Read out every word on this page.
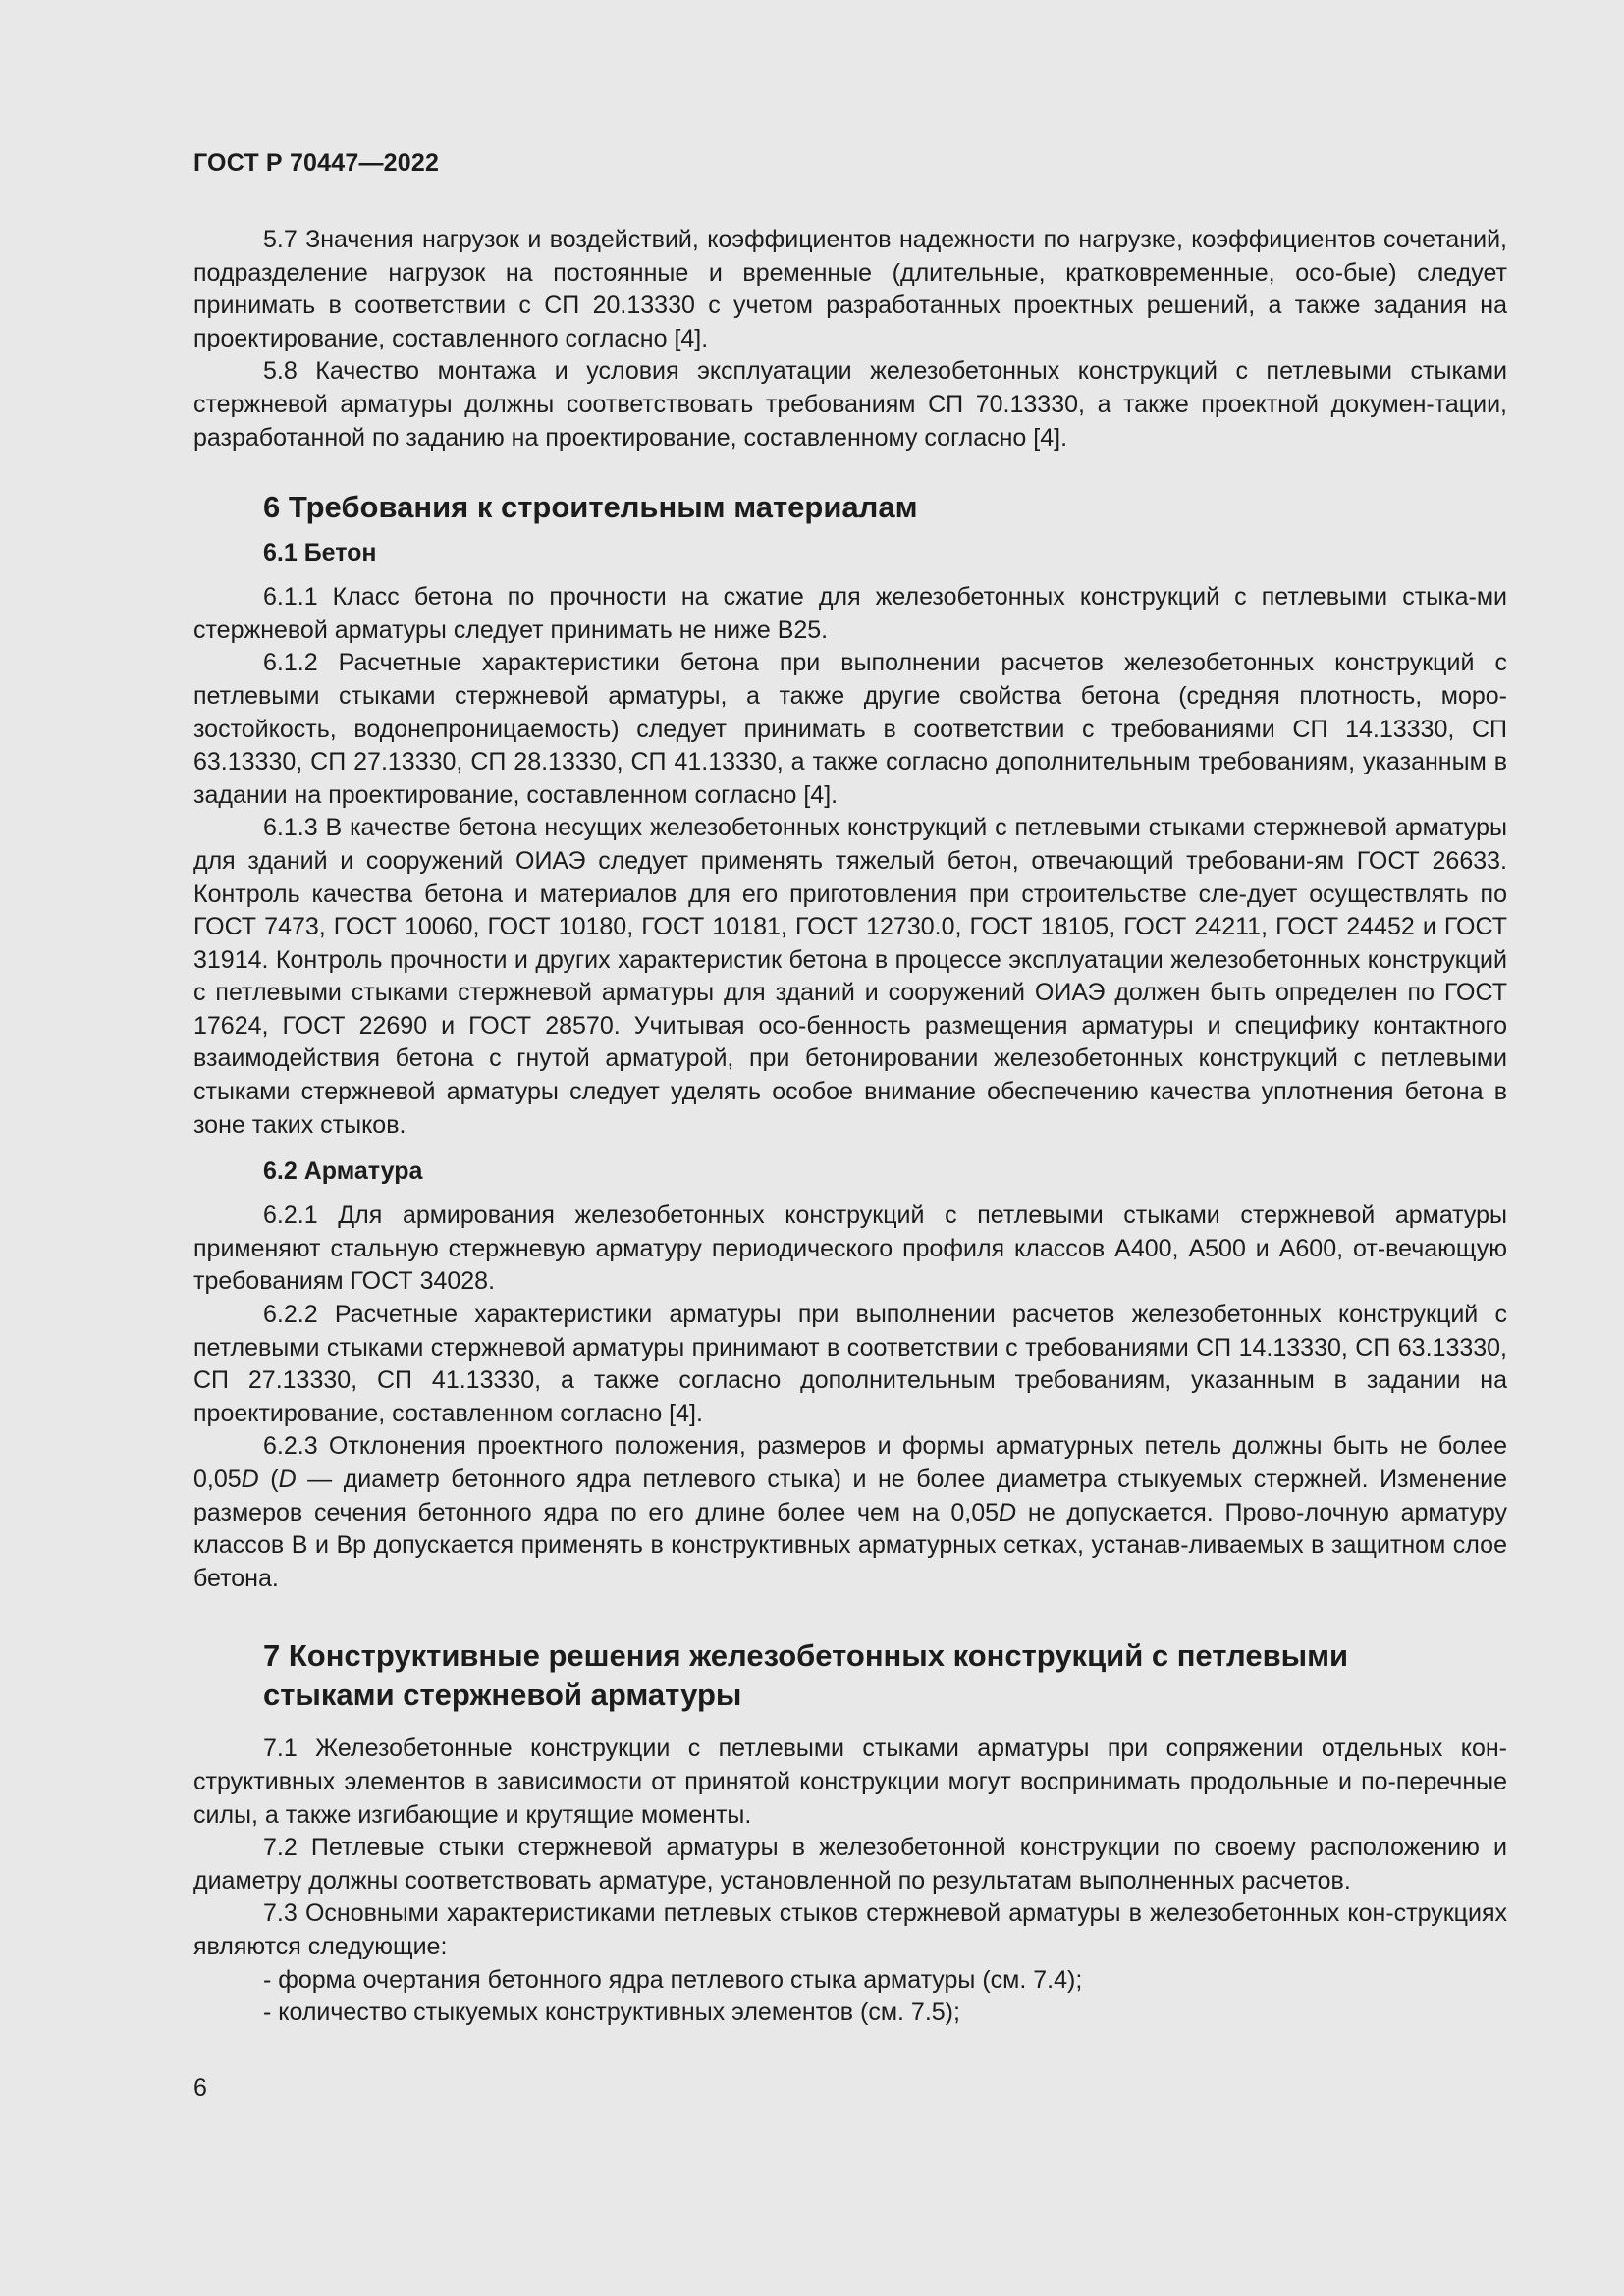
ГОСТ Р 70447—2022

5.7 Значения нагрузок и воздействий, коэффициентов надежности по нагрузке, коэффициентов сочетаний, подразделение нагрузок на постоянные и временные (длительные, кратковременные, осо-бые) следует принимать в соответствии с СП 20.13330 с учетом разработанных проектных решений, а также задания на проектирование, составленного согласно [4].

5.8 Качество монтажа и условия эксплуатации железобетонных конструкций с петлевыми стыками стержневой арматуры должны соответствовать требованиям СП 70.13330, а также проектной докумен-тации, разработанной по заданию на проектирование, составленному согласно [4].

6 Требования к строительным материалам
6.1 Бетон

6.1.1 Класс бетона по прочности на сжатие для железобетонных конструкций с петлевыми стыка-ми стержневой арматуры следует принимать не ниже В25.

6.1.2 Расчетные характеристики бетона при выполнении расчетов железобетонных конструкций с петлевыми стыками стержневой арматуры, а также другие свойства бетона (средняя плотность, моро-зостойкость, водонепроницаемость) следует принимать в соответствии с требованиями СП 14.13330, СП 63.13330, СП 27.13330, СП 28.13330, СП 41.13330, а также согласно дополнительным требованиям, указанным в задании на проектирование, составленном согласно [4].

6.1.3 В качестве бетона несущих железобетонных конструкций с петлевыми стыками стержневой арматуры для зданий и сооружений ОИАЭ следует применять тяжелый бетон, отвечающий требовани-ям ГОСТ 26633. Контроль качества бетона и материалов для его приготовления при строительстве сле-дует осуществлять по ГОСТ 7473, ГОСТ 10060, ГОСТ 10180, ГОСТ 10181, ГОСТ 12730.0, ГОСТ 18105, ГОСТ 24211, ГОСТ 24452 и ГОСТ 31914. Контроль прочности и других характеристик бетона в процессе эксплуатации железобетонных конструкций с петлевыми стыками стержневой арматуры для зданий и сооружений ОИАЭ должен быть определен по ГОСТ 17624, ГОСТ 22690 и ГОСТ 28570. Учитывая осо-бенность размещения арматуры и специфику контактного взаимодействия бетона с гнутой арматурой, при бетонировании железобетонных конструкций с петлевыми стыками стержневой арматуры следует уделять особое внимание обеспечению качества уплотнения бетона в зоне таких стыков.

6.2 Арматура

6.2.1 Для армирования железобетонных конструкций с петлевыми стыками стержневой арматуры применяют стальную стержневую арматуру периодического профиля классов А400, А500 и А600, от-вечающую требованиям ГОСТ 34028.

6.2.2 Расчетные характеристики арматуры при выполнении расчетов железобетонных конструкций с петлевыми стыками стержневой арматуры принимают в соответствии с требованиями СП 14.13330, СП 63.13330, СП 27.13330, СП 41.13330, а также согласно дополнительным требованиям, указанным в задании на проектирование, составленном согласно [4].

6.2.3 Отклонения проектного положения, размеров и формы арматурных петель должны быть не более 0,05D (D — диаметр бетонного ядра петлевого стыка) и не более диаметра стыкуемых стержней. Изменение размеров сечения бетонного ядра по его длине более чем на 0,05D не допускается. Прово-лочную арматуру классов В и Вр допускается применять в конструктивных арматурных сетках, устанав-ливаемых в защитном слое бетона.

7 Конструктивные решения железобетонных конструкций с петлевыми
стыками стержневой арматуры

7.1 Железобетонные конструкции с петлевыми стыками арматуры при сопряжении отдельных кон-структивных элементов в зависимости от принятой конструкции могут воспринимать продольные и по-перечные силы, а также изгибающие и крутящие моменты.

7.2 Петлевые стыки стержневой арматуры в железобетонной конструкции по своему расположению и диаметру должны соответствовать арматуре, установленной по результатам выполненных расчетов.

7.3 Основными характеристиками петлевых стыков стержневой арматуры в железобетонных кон-струкциях являются следующие:

- форма очертания бетонного ядра петлевого стыка арматуры (см. 7.4);

- количество стыкуемых конструктивных элементов (см. 7.5);

6
